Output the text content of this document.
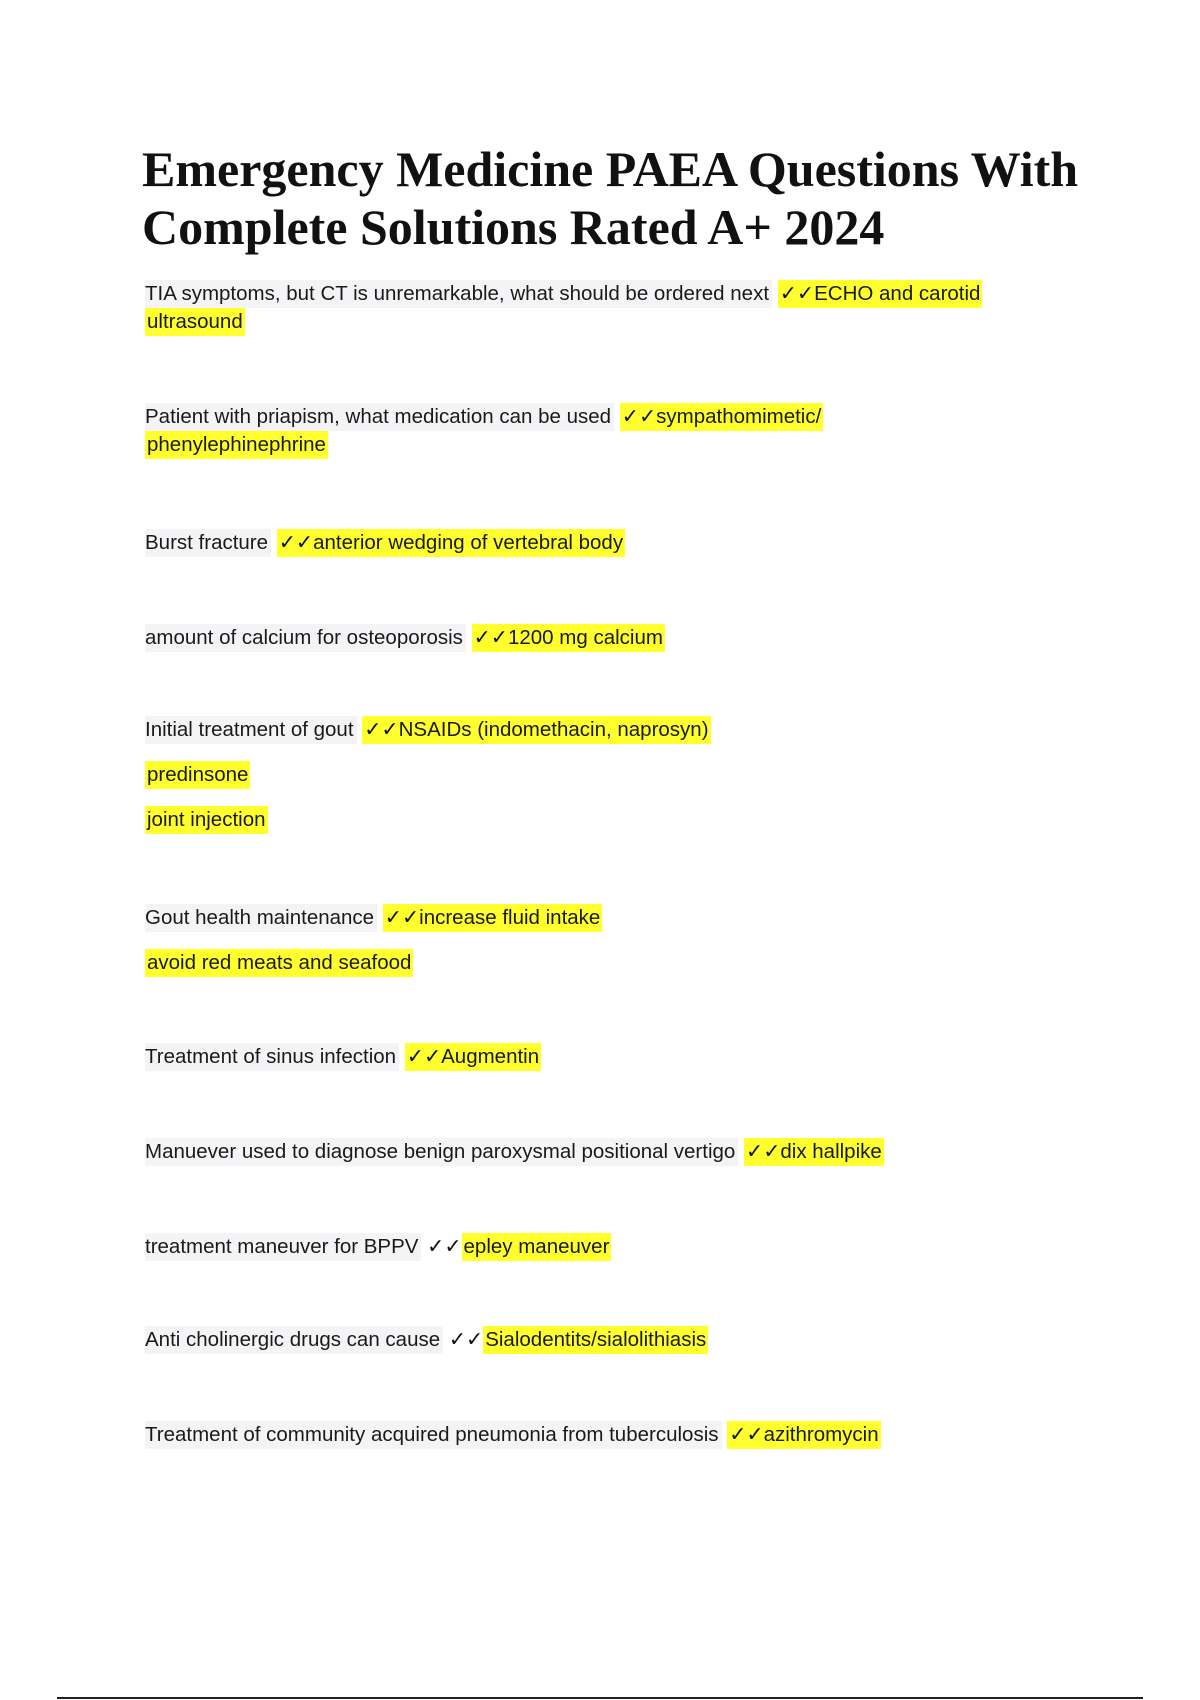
Emergency Medicine PAEA Questions With
Complete Solutions Rated A+ 2024
TIA symptoms, but CT is unremarkable, what should be ordered next ✓✓ECHO and carotid
ultrasound
Patient with priapism, what medication can be used ✓✓sympathomimetic/
phenylephinephrine
Burst fracture ✓✓anterior wedging of vertebral body
amount of calcium for osteoporosis ✓✓1200 mg calcium
Initial treatment of gout ✓✓NSAIDs (indomethacin, naprosyn)
predinsone
joint injection
Gout health maintenance ✓✓increase fluid intake
avoid red meats and seafood
Treatment of sinus infection ✓✓Augmentin
Manuever used to diagnose benign paroxysmal positional vertigo ✓✓dix hallpike
treatment maneuver for BPPV ✓✓epley maneuver
Anti cholinergic drugs can cause ✓✓Sialodentits/sialolithiasis
Treatment of community acquired pneumonia from tuberculosis ✓✓azithromycin
